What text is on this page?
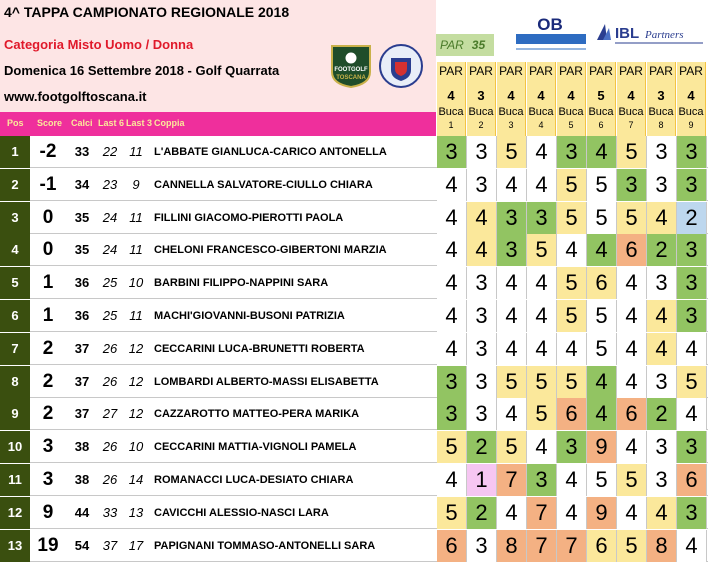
4^ TAPPA CAMPIONATO REGIONALE 2018
Categoria Misto Uomo / Donna
Domenica 16 Settembre 2018 - Golf Quarrata
www.footgolftoscana.it
FOOTGOLF
TOSCANA
PAR 35
OB	IBL Partners
PAR
4
Buca
1
PAR
3
Buca
2
PAR
4
Buca
3
PAR
4
Buca
4
PAR
4
Buca
5
PAR
5
Buca
6
PAR
4
Buca
7
PAR
3
Buca
8
PAR
4
Buca
9
Pos Score Calci Last 6 Last 3 Coppia
1	-2	33	22 11	L'ABBATE GIANLUCA-CARICO ANTONELLA	3 3 5 4 3 4 5 3 3
2	-1	34	23	9	CANNELLA SALVATORE-CIULLO CHIARA	4 3 4 4 5 5 3 3 3
3	0	35	24 11	FILLINI GIACOMO-PIEROTTI PAOLA	4 4 3 3 5 5 5 4 2
4	0	35	24 11	CHELONI FRANCESCO-GIBERTONI MARZIA	4 4 3 5 4 4 6 2 3
5	1	36	25 10 BARBINI FILIPPO-NAPPINI SARA	4 3 4 4 5 6 4 3 3
6	1	36	25 11	MACHI'GIOVANNI-BUSONI PATRIZIA	4 3 4 4 5 5 4 4 3
7	2	37	26 12 CECCARINI LUCA-BRUNETTI ROBERTA	4 3 4 4 4 5 4 4 4
8	2	37	26 12 LOMBARDI ALBERTO-MASSI ELISABETTA	3 3 5 5 5 4 4 3 5
9	2	37	27 12 CAZZAROTTO MATTEO-PERA MARIKA	3 3 4 5 6 4 6 2 4
10	3	38	26 10 CECCARINI MATTIA-VIGNOLI PAMELA	5 2 5 4 3 9 4 3 3
11	3	38	26 14 ROMANACCI LUCA-DESIATO CHIARA	4 1 7 3 4 5 5 3 6
12	9	44	33 13 CAVICCHI ALESSIO-NASCI LARA	5 2 4 7 4 9 4 4 3
13 19	54	37 17 PAPIGNANI TOMMASO-ANTONELLI SARA	6 3 8 7 7 6 5 8 4
